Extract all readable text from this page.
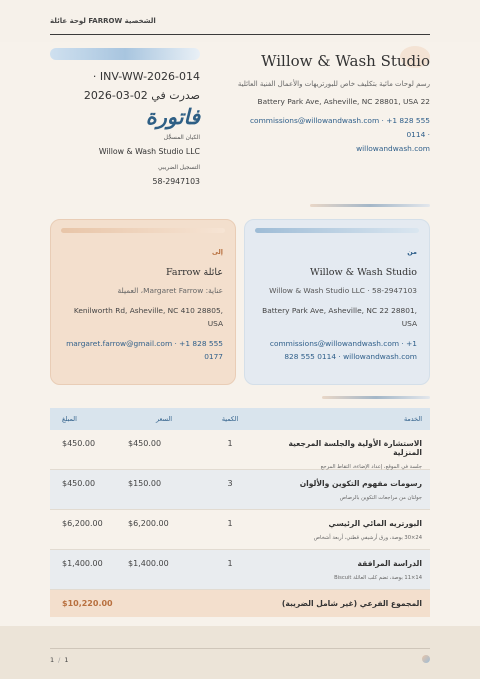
لوحة عائلة FARROW الشخصية
Willow & Wash Studio
رسم لوحات مائية بتكليف خاص للبورتريهات والأعمال الفنية العائلية
Battery Park Ave, Asheville, NC 28801, USA 22
commissions@willowandwash.com · +1 828 555 0114 ·
willowandwash.com
· INV-WW-2026-014
صدرت في 02-03-2026
فاتورة
الكيان المسجَّل
Willow & Wash Studio LLC
التسجيل الضريبي
58-2947103
من
Willow & Wash Studio
Willow & Wash Studio LLC · 58-2947103
Battery Park Ave, Asheville, NC 22 28801, USA
commissions@willowandwash.com · +1 828 555 0114 · willowandwash.com
إلى
عائلة Farrow
عناية: Margaret Farrow، العميلة
Kenilworth Rd, Asheville, NC 410 28805, USA
margaret.farrow@gmail.com · +1 828 555 0177
الخدمة
الكمية
السعر
المبلغ
الاستشارة الأولية والجلسة المرجعية المنزلية
جلسة في الموقع، إعداد الإضاءة، التقاط المرجع
1
$450.00
$450.00
رسومات مفهوم التكوين والألوان
جولتان من مراجعات التكوين بالرصاص
3
$150.00
$450.00
البورتريه المائي الرئيسي
24×30 بوصة، ورق أرشيفي قطني، أربعة أشخاص
1
$6,200.00
$6,200.00
الدراسة المرافقة
14×11 بوصة، تضم كلب العائلة Biscuit
1
$1,400.00
$1,400.00
المجموع الفرعي (غير شامل الضريبة)
$10,220.00
1 / 1
